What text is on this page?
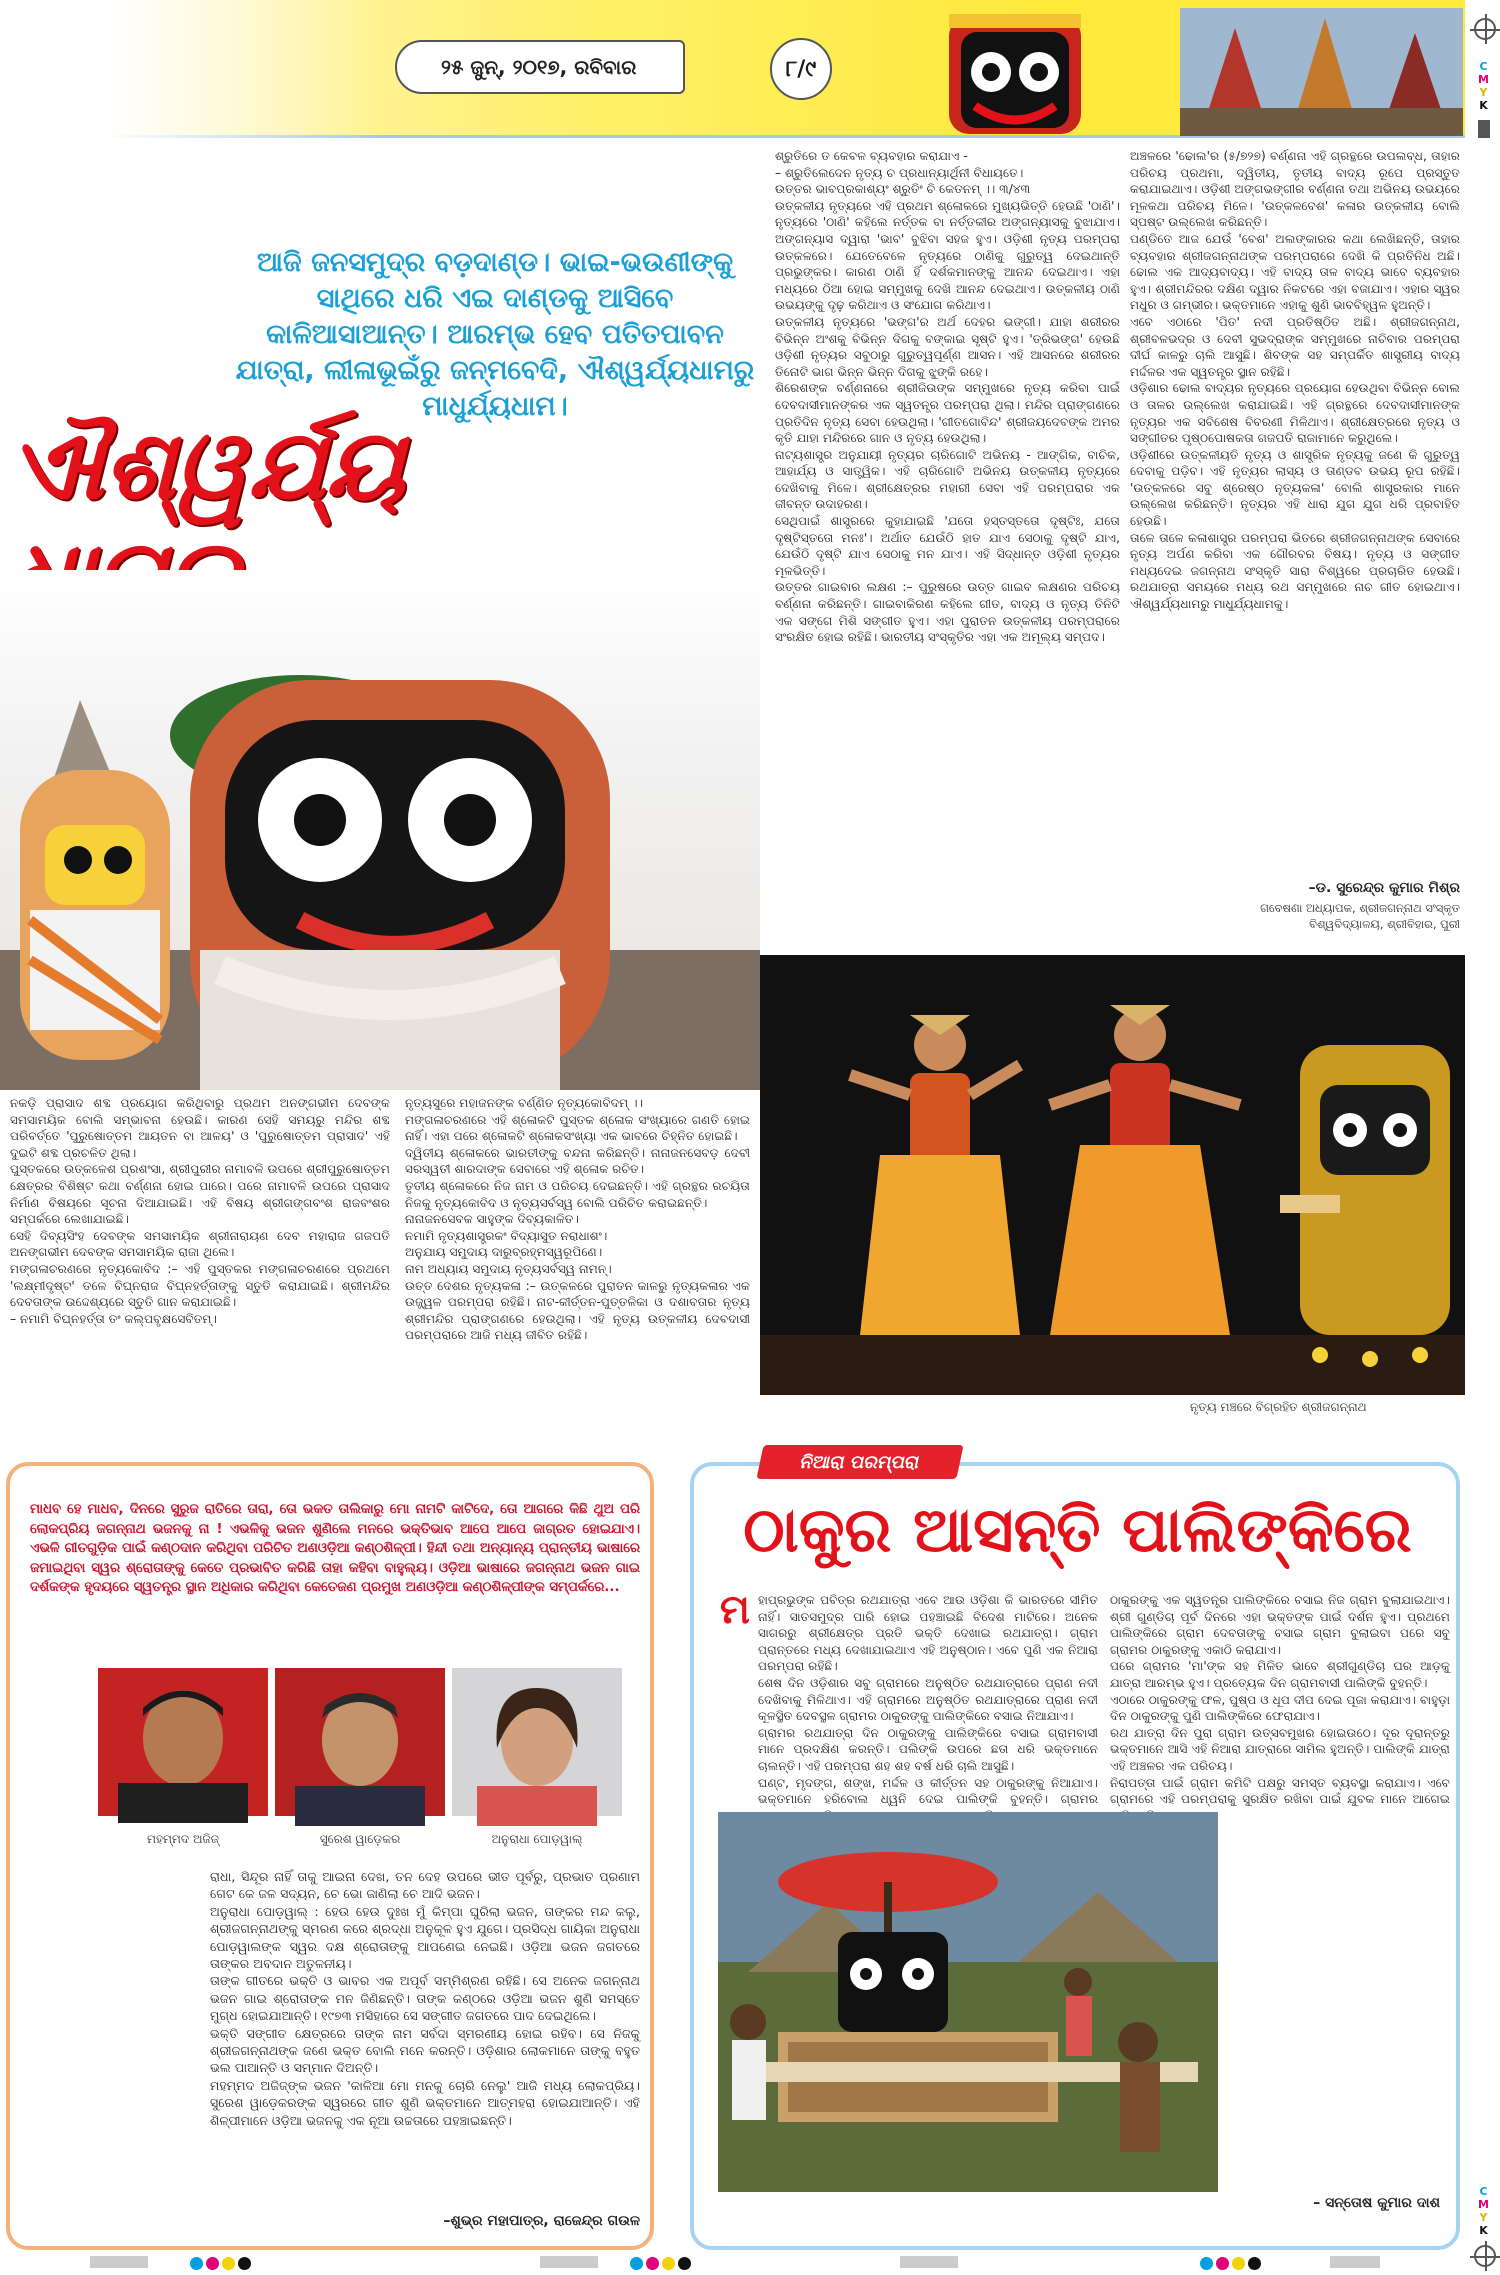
୨୫ ଜୁନ୍, ୨୦୧୭, ରବିବାର	୮/୯	C
M
Y
K
ଆଜି ଜନସମୁଦ୍ର ବଡ଼ଦାଣ୍ଡ। ଭାଇ-ଭଉଣୀଙ୍କୁ ସାଥିରେ ଧରି ଏଇ ଦାଣ୍ଡକୁ ଆସିବେ କାଳିଆସାଆନ୍ତ। ଆରମ୍ଭ ହେବ ପତିତପାବନ ଯାତ୍ରା, ଲୀଳାଭୂଇଁରୁ ଜନ୍ମବେଦି, ଐଶ୍ୱର୍ଯ୍ୟଧାମରୁ ମାଧୁର୍ଯ୍ୟଧାମ।
ଐଶ୍ୱର୍ଯ୍ୟ
ଶ୍ରୁତିରେ ତ କେବଳ ବ୍ୟବହାର କରାଯାଏ -
– ଶ୍ରୁତିଲେଦେନ ନୃତ୍ୟ ଚ ପ୍ରଧାନ୍ୟାର୍ଥିନୀ ବିଧାୟତେ।
ଉତ୍ତର ଭାବପ୍ରକାଶ୍ୟଂ ଶ୍ରୁତିଂ ଚି କେତନମ୍ ।। ୩/୪୩
ଉତ୍କଳୀୟ ନୃତ୍ୟରେ ଏହି ପ୍ରଥମ ଶ୍ଳୋକରେ ମୁଖ୍ୟଭିତ୍ତି ହେଉଛି 'ଠାଣି'। ନୃତ୍ୟରେ 'ଠାଣି' କହିଲେ ନର୍ତ୍ତକ ବା ନର୍ତ୍ତକୀର ଅଙ୍ଗନ୍ୟାସକୁ ବୁଝାଯାଏ। ଅଙ୍ଗନ୍ୟାସ ଦ୍ୱାରା 'ଭାବ' ବୁଝିବା ସହଜ ହୁଏ। ଓଡ଼ିଶୀ ନୃତ୍ୟ ପରମ୍ପରା ଉତ୍କଳରେ। ଯେତେବେଳେ ନୃତ୍ୟରେ ଠାଣିକୁ ଗୁରୁତ୍ୱ ଦେଇଥାନ୍ତି ପ୍ରଭୁଙ୍କର। କାରଣ ଠାଣି ହିଁ ଦର୍ଶକମାନଙ୍କୁ ଆନନ୍ଦ ଦେଇଥାଏ। ଏହା ମଧ୍ୟରେ ଠିଆ ହୋଇ ସମ୍ମୁଖକୁ ଦେଖି ଆନନ୍ଦ ଦେଇଥାଏ। ଉତ୍କଳୀୟ ଠାଣି ଉଭୟଙ୍କୁ ଦୃଢ଼ କରିଥାଏ ଓ ସଂଯୋଗ କରିଥାଏ।
ଉତ୍କଳୀୟ ନୃତ୍ୟରେ 'ଭଙ୍ଗ'ର ଅର୍ଥ ଦେହର ଭଙ୍ଗୀ। ଯାହା ଶରୀରର ବିଭିନ୍ନ ଅଂଶକୁ ବିଭିନ୍ନ ଦିଗକୁ ବଙ୍କାଇ ସୃଷ୍ଟି ହୁଏ। 'ତ୍ରିଭଙ୍ଗ' ହେଉଛି ଓଡ଼ିଶୀ ନୃତ୍ୟର ସବୁଠାରୁ ଗୁରୁତ୍ୱପୂର୍ଣ୍ଣ ଆସନ। ଏହି ଆସନରେ ଶରୀରର ତିନୋଟି ଭାଗ ଭିନ୍ନ ଭିନ୍ନ ଦିଗକୁ ଝୁଙ୍କି ରହେ।
ଶିରେଶଙ୍କ ବର୍ଣ୍ଣନାରେ ଶ୍ରୀଜିଉଙ୍କ ସମ୍ମୁଖରେ ନୃତ୍ୟ କରିବା ପାଇଁ ଦେବଦାସୀମାନଙ୍କର ଏକ ସ୍ୱତନ୍ତ୍ର ପରମ୍ପରା ଥିଲା। ମନ୍ଦିର ପ୍ରାଙ୍ଗଣରେ ପ୍ରତିଦିନ ନୃତ୍ୟ ସେବା ହେଉଥିଲା। 'ଗୀତଗୋବିନ୍ଦ' ଶ୍ରୀଜୟଦେବଙ୍କ ଅମର କୃତି ଯାହା ମନ୍ଦିରରେ ଗାନ ଓ ନୃତ୍ୟ ହେଉଥିଲା।
ନାଟ୍ୟଶାସ୍ତ୍ର ଅନୁଯାୟୀ ନୃତ୍ୟର ଚାରିଗୋଟି ଅଭିନୟ - ଆଙ୍ଗିକ, ବାଚିକ, ଆହାର୍ଯ୍ୟ ଓ ସାତ୍ତ୍ୱିକ। ଏହି ଚାରିଗୋଟି ଅଭିନୟ ଉତ୍କଳୀୟ ନୃତ୍ୟରେ ଦେଖିବାକୁ ମିଳେ। ଶ୍ରୀକ୍ଷେତ୍ରର ମହାରୀ ସେବା ଏହି ପରମ୍ପରାର ଏକ ଜୀବନ୍ତ ଉଦାହରଣ।
ସେଥିପାଇଁ ଶାସ୍ତ୍ରରେ କୁହାଯାଇଛି 'ଯତୋ ହସ୍ତସ୍ତତୋ ଦୃଷ୍ଟିଃ, ଯତୋ ଦୃଷ୍ଟିସ୍ତତୋ ମନଃ'। ଅର୍ଥାତ ଯେଉଁଠି ହାତ ଯାଏ ସେଠାକୁ ଦୃଷ୍ଟି ଯାଏ, ଯେଉଁଠି ଦୃଷ୍ଟି ଯାଏ ସେଠାକୁ ମନ ଯାଏ। ଏହି ସିଦ୍ଧାନ୍ତ ଓଡ଼ିଶୀ ନୃତ୍ୟର ମୂଳଭିତ୍ତି।
ଉତ୍ତର ଗାଇବାର ଲକ୍ଷଣ :– ପୁରୁଷରେ ଉତ୍ତ ଗାଇବ ଲକ୍ଷଣର ପରିଚୟ ବର୍ଣ୍ଣନା କରିଛନ୍ତି। ଗାଇବାକିରଣ କହିଲେ ଗୀତ, ବାଦ୍ୟ ଓ ନୃତ୍ୟ ତିନିଟି ଏକ ସଙ୍ଗେ ମିଶି ସଙ୍ଗୀତ ହୁଏ। ଏହା ପୁରାତନ ଉତ୍କଳୀୟ ପରମ୍ପରାରେ ସଂରକ୍ଷିତ ହୋଇ ରହିଛି। ଭାରତୀୟ ସଂସ୍କୃତିର ଏହା ଏକ ଅମୂଲ୍ୟ ସମ୍ପଦ।
ଅଞ୍ଚଳରେ 'ଢୋଲ'ର (୫/୭୨୭) ବର୍ଣ୍ଣନା ଏହି ଗ୍ରନ୍ଥରେ ଉପଲବ୍ଧ, ତାହାର ପରିଚୟ ପ୍ରଥମା, ଦ୍ୱିତୀୟ, ତୃତୀୟ ବାଦ୍ୟ ରୂପେ ପ୍ରସ୍ତୁତ କରାଯାଇଥାଏ। ଓଡ଼ିଶୀ ଅଙ୍ଗଭଙ୍ଗୀର ବର୍ଣ୍ଣନା ତଥା ଅଭିନୟ ଉଭୟରେ ମୂଳକଥା ପରିଚୟ ମିଳେ। 'ଉତ୍କଳବେଶ' କଳାର ଉତ୍କଳୀୟ ବୋଲି ସ୍ପଷ୍ଟ ଉଲ୍ଲେଖ କରିଛନ୍ତି।
ପଣ୍ଡିତେ ଆଜ ଯେଉଁ 'ବେଶ' ଅଲଙ୍କାରର କଥା ଲେଖିଛନ୍ତି, ତାହାର ବ୍ୟବହାର ଶ୍ରୀଜଗନ୍ନାଥଙ୍କ ପରମ୍ପରାରେ ଦେଖି କି ପ୍ରତିନିଧ ଅଛି। ଢୋଲ ଏକ ଆଦ୍ୟବାଦ୍ୟ। ଏହି ବାଦ୍ୟ ତାଳ ବାଦ୍ୟ ଭାବେ ବ୍ୟବହାର ହୁଏ। ଶ୍ରୀମନ୍ଦିରର ଦକ୍ଷିଣ ଦ୍ୱାର ନିକଟରେ ଏହା ବଜାଯାଏ। ଏହାର ସ୍ୱର ମଧୁର ଓ ଗମ୍ଭୀର। ଭକ୍ତମାନେ ଏହାକୁ ଶୁଣି ଭାବବିହ୍ୱଳ ହୁଅନ୍ତି।
ଏବେ ଏଠାରେ 'ପିତ' ନଦୀ ପ୍ରତିଷ୍ଠିତ ଅଛି। ଶ୍ରୀଜଗନ୍ନାଥ, ଶ୍ରୀବଳଭଦ୍ର ଓ ଦେବୀ ସୁଭଦ୍ରାଙ୍କ ସମ୍ମୁଖରେ ନାଚିବାର ପରମ୍ପରା ଦୀର୍ଘ କାଳରୁ ଚାଲି ଆସୁଛି। ଶିବଙ୍କ ସହ ସମ୍ପର୍କିତ ଶାସ୍ତ୍ରୀୟ ବାଦ୍ୟ ମର୍ଦ୍ଦଳର ଏକ ସ୍ୱତନ୍ତ୍ର ସ୍ଥାନ ରହିଛି।
ଓଡ଼ିଶାର ଢୋଲ ବାଦ୍ୟର ନୃତ୍ୟରେ ପ୍ରୟୋଗ ହେଉଥିବା ବିଭିନ୍ନ ବୋଲ ଓ ତାଳର ଉଲ୍ଲେଖ କରାଯାଇଛି। ଏହି ଗ୍ରନ୍ଥରେ ଦେବଦାସୀମାନଙ୍କ ନୃତ୍ୟର ଏକ ସବିଶେଷ ବିବରଣୀ ମିଳିଥାଏ। ଶ୍ରୀକ୍ଷେତ୍ରରେ ନୃତ୍ୟ ଓ ସଙ୍ଗୀତର ପୃଷ୍ଠପୋଷକତା ଗଜପତି ରାଜାମାନେ କରୁଥିଲେ।
ଓଡ଼ିଶୀରେ ଉତ୍କଳୀୟତି ନୃତ୍ୟ ଓ ଶାସ୍ତ୍ରିକ ନୃତ୍ୟକୁ ଜଣେ କି ଗୁରୁତ୍ୱ ଦେବାକୁ ପଡ଼ିବ। ଏହି ନୃତ୍ୟର ଲାସ୍ୟ ଓ ତାଣ୍ଡବ ଉଭୟ ରୂପ ରହିଛି। 'ଉତ୍କଳରେ ସବୁ ଶ୍ରେଷ୍ଠ ନୃତ୍ୟକଳା' ବୋଲି ଶାସ୍ତ୍ରକାର ମାନେ ଉଲ୍ଲେଖ କରିଛନ୍ତି। ନୃତ୍ୟର ଏହି ଧାରା ଯୁଗ ଯୁଗ ଧରି ପ୍ରବାହିତ ହେଉଛି।
ତାଳେ ତାଳେ କଳାଶାସ୍ତ୍ର ପରମ୍ପରା ଭିତରେ ଶ୍ରୀଜଗନ୍ନାଥଙ୍କ ସେବାରେ ନୃତ୍ୟ ଅର୍ପଣ କରିବା ଏକ ଗୌରବର ବିଷୟ। ନୃତ୍ୟ ଓ ସଙ୍ଗୀତ ମଧ୍ୟଦେଇ ଜଗନ୍ନାଥ ସଂସ୍କୃତି ସାରା ବିଶ୍ୱରେ ପ୍ରଚାରିତ ହେଉଛି। ରଥଯାତ୍ରା ସମୟରେ ମଧ୍ୟ ରଥ ସମ୍ମୁଖରେ ନାଚ ଗୀତ ହୋଇଥାଏ। ଐଶ୍ୱର୍ଯ୍ୟଧାମରୁ ମାଧୁର୍ଯ୍ୟଧାମକୁ।
–ଡ. ସୁରେନ୍ଦ୍ର କୁମାର ମିଶ୍ର
ଗବେଷଣା ଅଧ୍ୟାପକ, ଶ୍ରୀଜଗନ୍ନାଥ ସଂସ୍କୃତ
ବିଶ୍ୱବିଦ୍ୟାଳୟ, ଶ୍ରୀବିହାର, ପୁରୀ
ନକଡ଼ି ପ୍ରାସାଦ ଶବ୍ଦ ପ୍ରୟୋଗ କରିଥିବାରୁ ପ୍ରଥମ ଅନଙ୍ଗଭୀମ ଦେବଙ୍କ ସମସାମୟିକ ବୋଲି ସମ୍ଭାବନା ହେଉଛି। କାରଣ ସେହି ସମୟରୁ ମନ୍ଦିର ଶବ୍ଦ ପରିବର୍ତ୍ତେ 'ପୁରୁଷୋତ୍ତମ ଆୟତନ ବା ଆଳୟ' ଓ 'ପୁରୁଷୋତ୍ତମ ପ୍ରାସାଦ' ଏହି ଦୁଇଟି ଶବ୍ଦ ପ୍ରଚଳିତ ଥିଲା।
ପୁସ୍ତକରେ ଉତ୍କଳେଶ ପ୍ରଶଂସା, ଶ୍ରୀପୁରୀର ନାମାବଳି ଉପରେ ଶ୍ରୀପୁରୁଷୋତ୍ତମ କ୍ଷେତ୍ରର ବିଶିଷ୍ଟ କଥା ବର୍ଣ୍ଣନା ହୋଇ ପାରେ। ପରେ ନାମାବଳି ଉପରେ ପ୍ରାସାଦ ନିର୍ମାଣ ବିଷୟରେ ସୂଚନା ଦିଆଯାଇଛି। ଏହି ବିଷୟ ଶ୍ରୀଗଙ୍ଗବଂଶ ରାଜବଂଶର ସମ୍ପର୍କରେ ଲେଖାଯାଇଛି।
ସେହି ଦିବ୍ୟସିଂହ ଦେବଙ୍କ ସମସାମୟିକ ଶ୍ରୀନାରାୟଣ ଦେବ ମହାରାଜ ଗଜପତି ଅନଙ୍ଗଭୀମ ଦେବଙ୍କ ସମସାମୟିକ ରାଜା ଥିଲେ।
ମଙ୍ଗଳାଚରଣରେ ନୃତ୍ୟକୋବିଦ :– ଏହି ପୁସ୍ତକର ମଙ୍ଗଳାଚରଣରେ ପ୍ରଥମେ 'ଲକ୍ଷ୍ମୀଦୃଷ୍ଟ' ତଳେ ବିଘ୍ନରାଜ ବିଘ୍ନହର୍ତ୍ତାଙ୍କୁ ସ୍ତୁତି କରାଯାଇଛି। ଶ୍ରୀମନ୍ଦିର ଦେବତାଙ୍କ ଉଦ୍ଦେଶ୍ୟରେ ସ୍ତୁତି ଗାନ କରାଯାଇଛି।
– ନମାମି ବିଘ୍ନହର୍ତ୍ତା ତଂ କଲ୍ପବୃକ୍ଷସେବିତମ୍।
ନୃତ୍ୟସୁରେ ମହାଜନଙ୍କ ବର୍ଣ୍ଣିତ ନୃତ୍ୟକୋବିଦମ୍ ।।
ମଙ୍ଗଳାଚରଣରେ ଏହି ଶ୍ଳୋକଟି ପୁସ୍ତକ ଶ୍ଳୋକ ସଂଖ୍ୟାରେ ଗଣତି ହୋଇ ନାହିଁ। ଏହା ପରେ ଶ୍ଳୋକଟି ଶ୍ଳୋକସଂଖ୍ୟା ଏକ ଭାବରେ ଚିହ୍ନିତ ହୋଇଛି।
ଦ୍ୱିତୀୟ ଶ୍ଳୋକରେ ଭାରତୀଙ୍କୁ ବନ୍ଦନା କରିଛନ୍ତି। ନାନାଜନସେବଡ଼ ଦେବୀ ସରସ୍ୱତୀ ଶାରଦାଙ୍କ ସେବାରେ ଏହି ଶ୍ଳୋକ ରଚିତ।
ତୃତୀୟ ଶ୍ଳୋକରେ ନିଜ ନାମ ଓ ପରିଚୟ ଦେଇଛନ୍ତି। ଏହି ଗ୍ରନ୍ଥର ରଚୟିତା ନିଜକୁ ନୃତ୍ୟକୋବିଦ ଓ ନୃତ୍ୟସର୍ବସ୍ୱ ବୋଲି ପରିଚିତ କରାଇଛନ୍ତି।
ନାନାଜନସେବକ ସାହୁଙ୍କ ଦିବ୍ୟକାଳିତ।
ନମାମି ନୃତ୍ୟଶାସ୍ତ୍ରକଂ ବିଦ୍ୟାସୁତ ନରାଧାଶଂ।
ଅନୁଯାୟ ସମୁଦାୟ ଦାରୁବ୍ରହ୍ମସ୍ୱରୂପିଣେ।
ନାମ ଅଧ୍ୟାୟ ସମୁଦାୟ ନୃତ୍ୟସର୍ବସ୍ୱ ନାମନ୍।
ଉତ୍ତ ଦେଶର ନୃତ୍ୟକଳା :– ଉତ୍କଳରେ ପୁରାତନ କାଳରୁ ନୃତ୍ୟକଳାର ଏକ ଉଜ୍ଜ୍ୱଳ ପରମ୍ପରା ରହିଛି। ନାଟ-କୀର୍ତ୍ତନ-ପୁତ୍ତଳିକା ଓ ଦଶାବତାର ନୃତ୍ୟ ଶ୍ରୀମନ୍ଦିର ପ୍ରାଙ୍ଗଣରେ ହେଉଥିଲା। ଏହି ନୃତ୍ୟ ଉତ୍କଳୀୟ ଦେବଦାସୀ ପରମ୍ପରାରେ ଆଜି ମଧ୍ୟ ଜୀବିତ ରହିଛି।
ନୃତ୍ୟ ମଞ୍ଚରେ ବିଗ୍ରହିତ ଶ୍ରୀଜଗନ୍ନାଥ
ମାଧବ ହେ ମାଧବ, ଦିନରେ ସୁରୁଜ ରାତିରେ ତାରା, ତୋ ଭକତ ତାଲିକାରୁ ମୋ ନାମଟି କାଟିଦେ, ତୋ ଆଗରେ କିଛି ଥୁଅ ପରି ଲୋକପ୍ରିୟ ଜଗନ୍ନାଥ ଭଜନକୁ ନା ! ଏଭଳିକୁ ଭଜନ ଶୁଣିଲେ ମନରେ ଭକ୍ତିଭାବ ଆପେ ଆପେ ଜାଗ୍ରତ ହୋଇଯାଏ। ଏଭଳି ଗୀତଗୁଡ଼ିକ ପାଇଁ କଣ୍ଠଦାନ କରିଥିବା ପରିଚିତ ଅଣଓଡ଼ିଆ କଣ୍ଠଶିଳ୍ପୀ। ହିନ୍ଦୀ ତଥା ଅନ୍ୟାନ୍ୟ ପ୍ରାନ୍ତୀୟ ଭାଷାରେ ଜମାଇଥିବା ସ୍ୱର ଶ୍ରୋତାଙ୍କୁ କେତେ ପ୍ରଭାବିତ କରିଛି ତାହା କହିବା ବାହୁଲ୍ୟ। ଓଡ଼ିଆ ଭାଷାରେ ଜଗନ୍ନାଥ ଭଜନ ଗାଇ ଦର୍ଶକଙ୍କ ହୃଦୟରେ ସ୍ୱତନ୍ତ୍ର ସ୍ଥାନ ଅଧିକାର କରିଥିବା କେତେଜଣ ପ୍ରମୁଖ ଅଣଓଡ଼ିଆ କଣ୍ଠଶିଳ୍ପୀଙ୍କ ସମ୍ପର୍କରେ...
ମହମ୍ମଦ ଅଜିଜ୍	ସୁରେଶ ୱାଡ଼େକର	ଅନୁରାଧା ପୋଡ଼ୱାଲ୍
ରାଧା, ସିନ୍ଦୂର ନାହିଁ ତାକୁ ଆଇନା ଦେଖ, ତନ ଦେହ ଉପରେ ଭୀତ ପୂର୍ବରୁ, ପ୍ରଭାତ ପ୍ରଣାମ ଗେଟ କେ ଜଳ ସଦ୍ୟନ, ଚେ ଭୋ ଜାଣିଲା ଚେ ଆଦି ଭଜନ।
ଅନୁରାଧା ପୋଡ଼ୱାଲ୍ : ହେଉ ହେଉ ଦୁଃଖ ମୁଁ କିମ୍ପା ଘୁରିଲା ଭଜନ, ତାଙ୍କର ମନ୍ଦ କଲୁ, ଶ୍ରୀଜଗନ୍ନାଥଙ୍କୁ ସ୍ମରଣ କରେ ଶ୍ରଦ୍ଧା ଅନୁକୂଳ ହୁଏ ଯୁଗେ। ପ୍ରସିଦ୍ଧ ଗାୟିକା ଅନୁରାଧା ପୋଡ଼ୱାଲଙ୍କ ସ୍ୱର ଦକ୍ଷ ଶ୍ରୋତାଙ୍କୁ ଆପଣେଇ ନେଇଛି। ଓଡ଼ିଆ ଭଜନ ଜଗତରେ ତାଙ୍କର ଅବଦାନ ଅତୁଳନୀୟ।
ତାଙ୍କ ଗୀତରେ ଭକ୍ତି ଓ ଭାବର ଏକ ଅପୂର୍ବ ସମ୍ମିଶ୍ରଣ ରହିଛି। ସେ ଅନେକ ଜଗନ୍ନାଥ ଭଜନ ଗାଇ ଶ୍ରୋତାଙ୍କ ମନ ଜିଣିଛନ୍ତି। ତାଙ୍କ କଣ୍ଠରେ ଓଡ଼ିଆ ଭଜନ ଶୁଣି ସମସ୍ତେ ମୁଗ୍ଧ ହୋଇଯାଆନ୍ତି। ୧୯୭୩ ମସିହାରେ ସେ ସଙ୍ଗୀତ ଜଗତରେ ପାଦ ଦେଇଥିଲେ।
ଭକ୍ତି ସଙ୍ଗୀତ କ୍ଷେତ୍ରରେ ତାଙ୍କ ନାମ ସର୍ବଦା ସ୍ମରଣୀୟ ହୋଇ ରହିବ। ସେ ନିଜକୁ ଶ୍ରୀଜଗନ୍ନାଥଙ୍କ ଜଣେ ଭକ୍ତ ବୋଲି ମନେ କରନ୍ତି। ଓଡ଼ିଶାର ଲୋକମାନେ ତାଙ୍କୁ ବହୁତ ଭଲ ପାଆନ୍ତି ଓ ସମ୍ମାନ ଦିଅନ୍ତି।
ମହମ୍ମଦ ଅଜିଜ୍ଙ୍କ ଭଜନ 'କାଳିଆ ମୋ ମନକୁ ଚୋରି ନେଲୁ' ଆଜି ମଧ୍ୟ ଲୋକପ୍ରିୟ। ସୁରେଶ ୱାଡ଼େକରଙ୍କ ସ୍ୱରରେ ଗୀତ ଶୁଣି ଭକ୍ତମାନେ ଆତ୍ମହରା ହୋଇଯାଆନ୍ତି। ଏହି ଶିଳ୍ପୀମାନେ ଓଡ଼ିଆ ଭଜନକୁ ଏକ ନୂଆ ଉଚ୍ଚତାରେ ପହଞ୍ଚାଇଛନ୍ତି।
–ଶୁଭ୍ର ମହାପାତ୍ର, ରାଜେନ୍ଦ୍ର ଗଉଳ
ନିଆରା ପରମ୍ପରା
ଠାକୁର ଆସନ୍ତି ପାଲିଙ୍କିରେ
ମ ହାପ୍ରଭୁଙ୍କ ପବିତ୍ର ରଥଯାତ୍ରା ଏବେ ଆଉ ଓଡ଼ିଶା କି ଭାରତରେ ସୀମିତ ନାହିଁ। ସାତସମୁଦ୍ର ପାରି ହୋଇ ପହଞ୍ଚାଇଛି ବିଦେଶ ମାଟିରେ। ଅନେକ ସାଗରରୁ ଶ୍ରୀକ୍ଷେତ୍ର ପ୍ରତି ଭକ୍ତି ଦେଖାଇ ରଥଯାତ୍ରା। ଗ୍ରାମ ପ୍ରାନ୍ତରେ ମଧ୍ୟ ଦେଖାଯାଇଥାଏ ଏହି ଅନୁଷ୍ଠାନ। ଏବେ ପୁଣି ଏକ ନିଆରା ପରମ୍ପରା ରହିଛି।
ଶେଷ ଦିନ ଓଡ଼ିଶାର ସବୁ ଗ୍ରାମରେ ଅନୁଷ୍ଠିତ ରଥଯାତ୍ରାରେ ପ୍ରାଣ ନଦୀ ଦେଖିବାକୁ ମିଳିଥାଏ। ଏହି ଗ୍ରାମରେ ଅନୁଷ୍ଠିତ ରଥଯାତ୍ରାରେ ପ୍ରାଣ ନଦୀ କୂଳସ୍ଥିତ ଦେବସ୍ଥଳ ଗ୍ରାମର ଠାକୁରଙ୍କୁ ପାଲିଙ୍କିରେ ବସାଇ ନିଆଯାଏ।
ଗ୍ରାମର ରଥଯାତ୍ରା ଦିନ ଠାକୁରଙ୍କୁ ପାଲିଙ୍କିରେ ବସାଇ ଗ୍ରାମବାସୀ ମାନେ ପ୍ରଦକ୍ଷିଣ କରନ୍ତି। ପଲିଙ୍କି ଉପରେ ଛତା ଧରି ଭକ୍ତମାନେ ଚାଲନ୍ତି। ଏହି ପରମ୍ପରା ଶହ ଶହ ବର୍ଷ ଧରି ଚାଲି ଆସୁଛି।
ଘଣ୍ଟ, ମୃଦଙ୍ଗ, ଶଙ୍ଖ, ମର୍ଦ୍ଦଳ ଓ କୀର୍ତ୍ତନ ସହ ଠାକୁରଙ୍କୁ ନିଆଯାଏ। ଭକ୍ତମାନେ ହରିବୋଲ ଧ୍ୱନି ଦେଇ ପାଲିଙ୍କି ବୁହନ୍ତି। ଗ୍ରାମର
ଠାକୁରଙ୍କୁ ଏକ ସ୍ୱତନ୍ତ୍ର ପାଲିଙ୍କିରେ ବସାଇ ନିଜ ଗ୍ରାମ ବୁଲାଯାଇଥାଏ। ଶ୍ରୀ ଗୁଣ୍ଡିଚା ପୂର୍ବ ଦିନରେ ଏହା ଭକ୍ତଙ୍କ ପାଇଁ ଦର୍ଶନ ହୁଏ। ପ୍ରଥମେ ପାଲିଙ୍କିରେ ଗ୍ରାମ ଦେବତାଙ୍କୁ ବସାଇ ଗ୍ରାମ ବୁଲାଇବା ପରେ ସବୁ ଗ୍ରାମର ଠାକୁରଙ୍କୁ ଏକାଠି କରାଯାଏ।
ପରେ ଗ୍ରାମର 'ମା'ଙ୍କ ସହ ମିଳିତ ଭାବେ ଶ୍ରୀଗୁଣ୍ଡିଚା ଘର ଆଡ଼କୁ ଯାତ୍ରା ଆରମ୍ଭ ହୁଏ। ପ୍ରତ୍ୟେକ ଦିନ ଗ୍ରାମବାସୀ ପାଲିଙ୍କି ବୁହନ୍ତି।
ଏଠାରେ ଠାକୁରଙ୍କୁ ଫଳ, ପୁଷ୍ପ ଓ ଧୂପ ଦୀପ ଦେଇ ପୂଜା କରାଯାଏ। ବାହୁଡ଼ା ଦିନ ଠାକୁରଙ୍କୁ ପୁଣି ପାଲିଙ୍କିରେ ଫେରାଯାଏ।
ରଥ ଯାତ୍ରା ଦିନ ପୁରା ଗ୍ରାମ ଉତ୍ସବମୁଖର ହୋଇଉଠେ। ଦୂର ଦୂରାନ୍ତରୁ ଭକ୍ତମାନେ ଆସି ଏହି ନିଆରା ଯାତ୍ରାରେ ସାମିଲ ହୁଅନ୍ତି। ପାଲିଙ୍କି ଯାତ୍ରା ଏହି ଅଞ୍ଚଳର ଏକ ପରିଚୟ।
ନିରାପତ୍ତା ପାଇଁ ଗ୍ରାମ କମିଟି ପକ୍ଷରୁ ସମସ୍ତ ବ୍ୟବସ୍ଥା କରାଯାଏ। ଏବେ ଗ୍ରାମରେ ଏହି ପରମ୍ପରାକୁ ସୁରକ୍ଷିତ ରଖିବା ପାଇଁ ଯୁବକ ମାନେ ଆଗେଇ
– ସନ୍ତୋଷ କୁମାର ଦାଶ
C
M
Y
K
